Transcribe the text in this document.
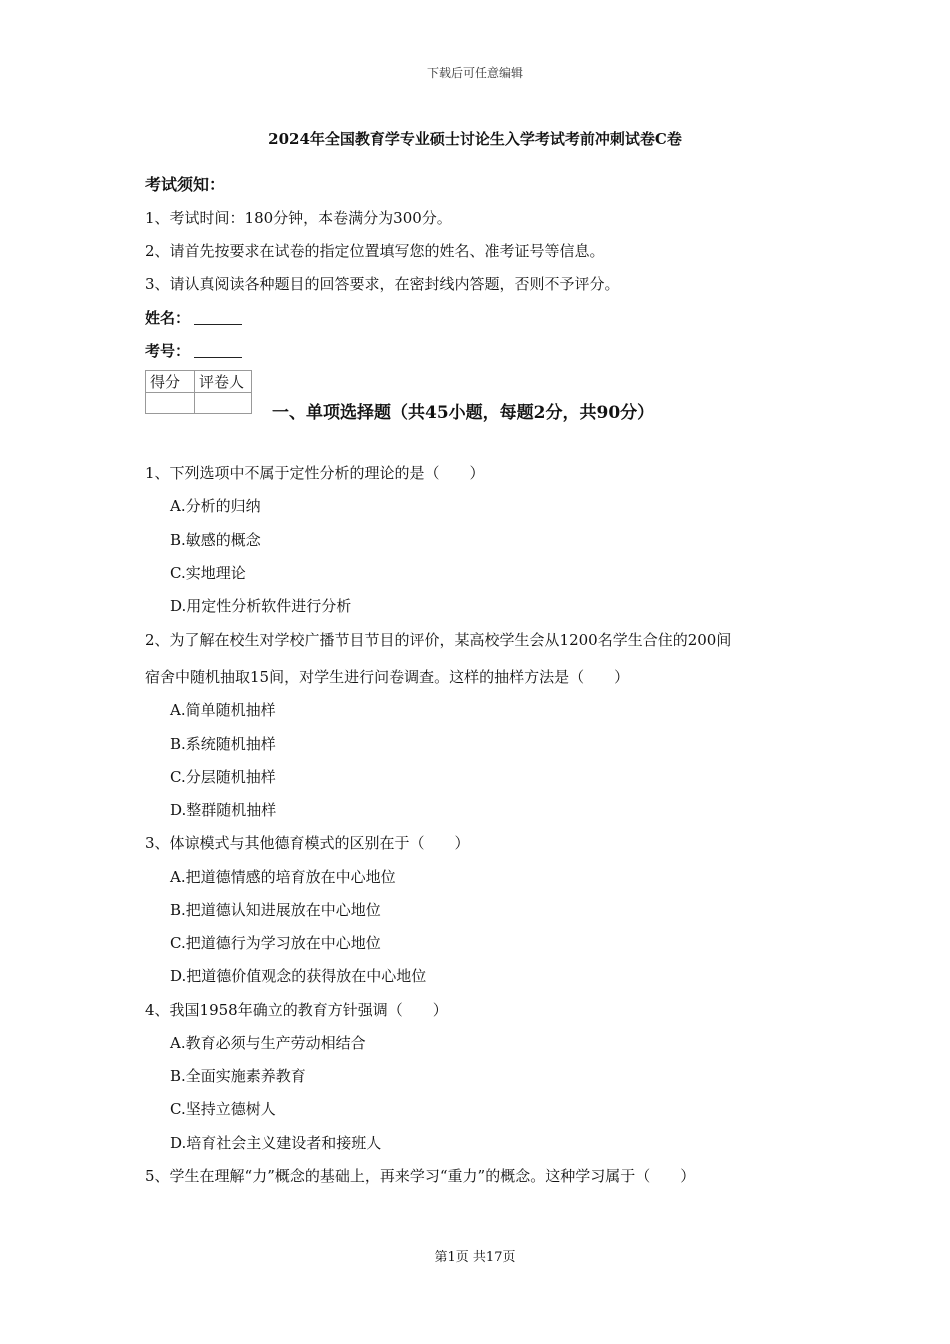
下载后可任意编辑
2024年全国教育学专业硕士讨论生入学考试考前冲刺试卷C卷
考试须知：
1、考试时间：180分钟，本卷满分为300分。
2、请首先按要求在试卷的指定位置填写您的姓名、准考证号等信息。
3、请认真阅读各种题目的回答要求，在密封线内答题，否则不予评分。
姓名：
考号：
得分	评卷人

一、单项选择题（共45小题，每题2分，共90分）
1、下列选项中不属于定性分析的理论的是（　　）
A.分析的归纳
B.敏感的概念
C.实地理论
D.用定性分析软件进行分析
2、为了解在校生对学校广播节目节目的评价，某高校学生会从1200名学生合住的200间
宿舍中随机抽取15间，对学生进行问卷调查。这样的抽样方法是（　　）
A.简单随机抽样
B.系统随机抽样
C.分层随机抽样
D.整群随机抽样
3、体谅模式与其他德育模式的区别在于（　　）
A.把道德情感的培育放在中心地位
B.把道德认知进展放在中心地位
C.把道德行为学习放在中心地位
D.把道德价值观念的获得放在中心地位
4、我国1958年确立的教育方针强调（　　）
A.教育必须与生产劳动相结合
B.全面实施素养教育
C.坚持立德树人
D.培育社会主义建设者和接班人
5、学生在理解“力”概念的基础上，再来学习“重力”的概念。这种学习属于（　　）
第1页 共17页
